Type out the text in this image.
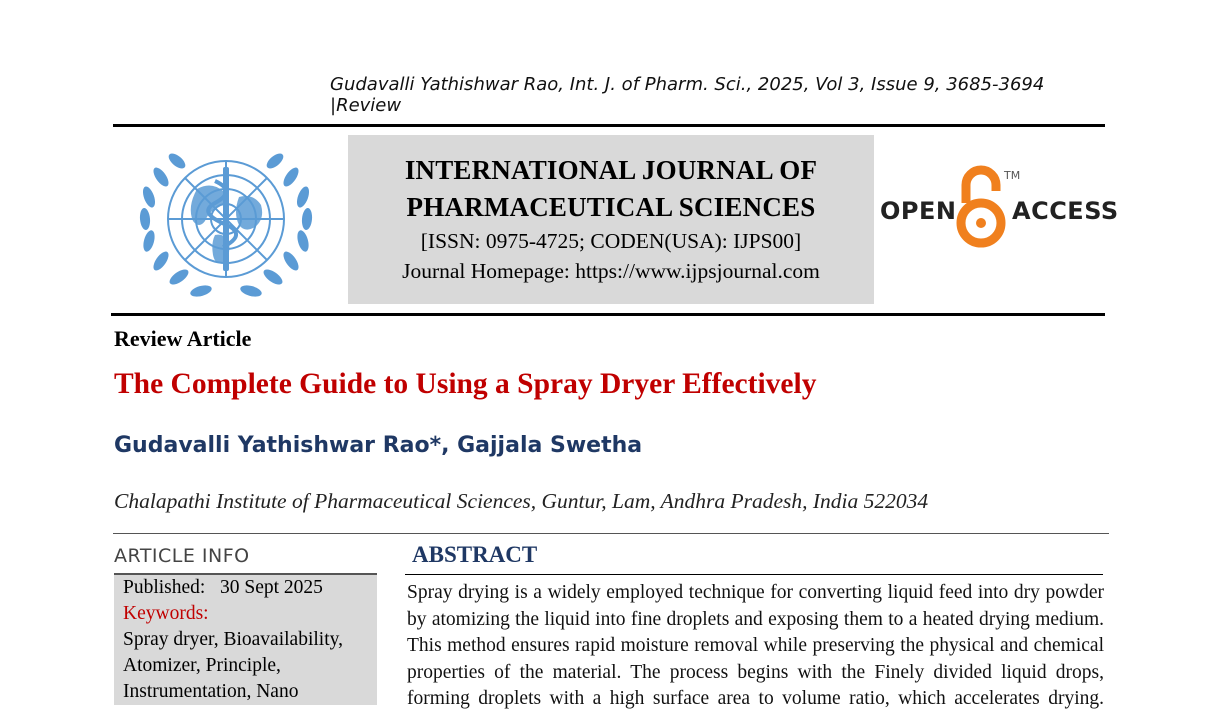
Gudavalli Yathishwar Rao, Int. J. of Pharm. Sci., 2025, Vol 3, Issue 9, 3685-3694 |Review
INTERNATIONAL JOURNAL OF
PHARMACEUTICAL SCIENCES
[ISSN: 0975-4725; CODEN(USA): IJPS00]
Journal Homepage: https://www.ijpsjournal.com
OPEN
TM
ACCESS
Review Article
The Complete Guide to Using a Spray Dryer Effectively
Gudavalli Yathishwar Rao*, Gajjala Swetha
Chalapathi Institute of Pharmaceutical Sciences, Guntur, Lam, Andhra Pradesh, India 522034
ARTICLE INFO
Published: 30 Sept 2025
Keywords:
Spray dryer, Bioavailability,
Atomizer, Principle,
Instrumentation, Nano
ABSTRACT
Spray drying is a widely employed technique for converting liquid feed into dry powder
by atomizing the liquid into fine droplets and exposing them to a heated drying medium.
This method ensures rapid moisture removal while preserving the physical and chemical
properties of the material. The process begins with the Finely divided liquid drops,
forming droplets with a high surface area to volume ratio, which accelerates drying.
